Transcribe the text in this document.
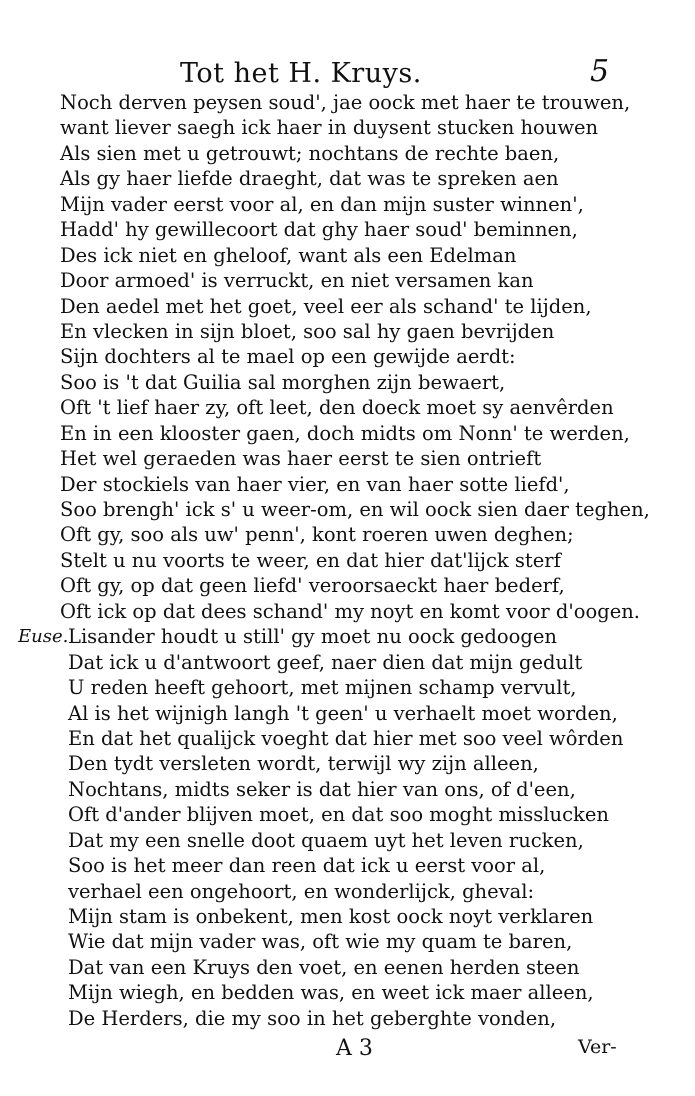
Tot het H. Kruys.	5
Noch derven peysen soud', jae oock met haer te trouwen,
want liever saegh ick haer in duysent stucken houwen
Als sien met u getrouwt; nochtans de rechte baen,
Als gy haer liefde draeght, dat was te spreken aen
Mijn vader eerst voor al, en dan mijn suster winnen',
Hadd' hy gewillecoort dat ghy haer soud' beminnen,
Des ick niet en gheloof, want als een Edelman
Door armoed' is verruckt, en niet versamen kan
Den aedel met het goet, veel eer als schand' te lijden,
En vlecken in sijn bloet, soo sal hy gaen bevrijden
Sijn dochters al te mael op een gewijde aerdt:
Soo is 't dat Guilia sal morghen zijn bewaert,
Oft 't lief haer zy, oft leet, den doeck moet sy aenvêrden
En in een klooster gaen, doch midts om Nonn' te werden,
Het wel geraeden was haer eerst te sien ontrieft
Der stockiels van haer vier, en van haer sotte liefd',
Soo brengh' ick s' u weer-om, en wil oock sien daer teghen,
Oft gy, soo als uw' penn', kont roeren uwen deghen;
Stelt u nu voorts te weer, en dat hier dat'lijck sterf
Oft gy, op dat geen liefd' veroorsaeckt haer bederf,
Oft ick op dat dees schand' my noyt en komt voor d'oogen.
Euse. Lisander houdt u still' gy moet nu oock gedoogen
Dat ick u d'antwoort geef, naer dien dat mijn gedult
U reden heeft gehoort, met mijnen schamp vervult,
Al is het wijnigh langh 't geen' u verhaelt moet worden,
En dat het qualijck voeght dat hier met soo veel wôrden
Den tydt versleten wordt, terwijl wy zijn alleen,
Nochtans, midts seker is dat hier van ons, of d'een,
Oft d'ander blijven moet, en dat soo moght misslucken
Dat my een snelle doot quaem uyt het leven rucken,
Soo is het meer dan reen dat ick u eerst voor al,
verhael een ongehoort, en wonderlijck, gheval:
Mijn stam is onbekent, men kost oock noyt verklaren
Wie dat mijn vader was, oft wie my quam te baren,
Dat van een Kruys den voet, en eenen herden steen
Mijn wiegh, en bedden was, en weet ick maer alleen,
De Herders, die my soo in het geberghte vonden,
A 3	Ver-
